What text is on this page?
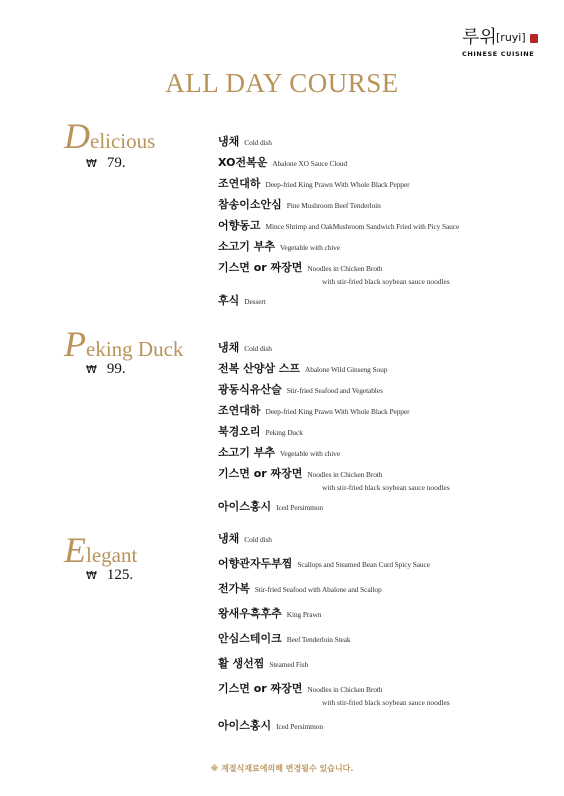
루위 [ruyi]
CHINESE CUISINE
ALL DAY COURSE
Delicious
₩ 79.
냉채 Cold dish
XO전복운 Abalone XO Sauce Cloud
조연대하 Deep-fried King Prawn With Whole Black Pepper
참송이소안심 Pine Mushroom Beef Tenderloin
어향동고 Mince Shrimp and OakMushroom Sandwich Fried with Picy Sauce
소고기 부추 Vegetable with chive
기스면 or 짜장면 Noodles in Chicken Broth
with stir-fried black soybean sauce noodles
후식 Dessert
Peking Duck
₩ 99.
냉채 Cold dish
전복 산양삼 스프 Abalone Wild Ginseng Soup
광동식유산슬 Stir-fried Seafood and Vegetables
조연대하 Deep-fried King Prawn With Whole Black Pepper
북경오리 Peking Duck
소고기 부추 Vegetable with chive
기스면 or 짜장면 Noodles in Chicken Broth
with stir-fried black soybean sauce noodles
아이스홍시 Iced Persimmon
Elegant
₩ 125.
냉채 Cold dish
어향관자두부찜 Scallops and Steamed Bean Curd Spicy Sauce
전가복 Stir-fried Seafood with Abalone and Scallop
왕새우흑후추 King Prawn
안심스테이크 Beef Tenderloin Steak
활 생선찜 Steamed Fish
기스면 or 짜장면 Noodles in Chicken Broth
with stir-fried black soybean sauce noodles
아이스홍시 Iced Persimmon
※ 계절식재료에의해 변경될수 있습니다.
